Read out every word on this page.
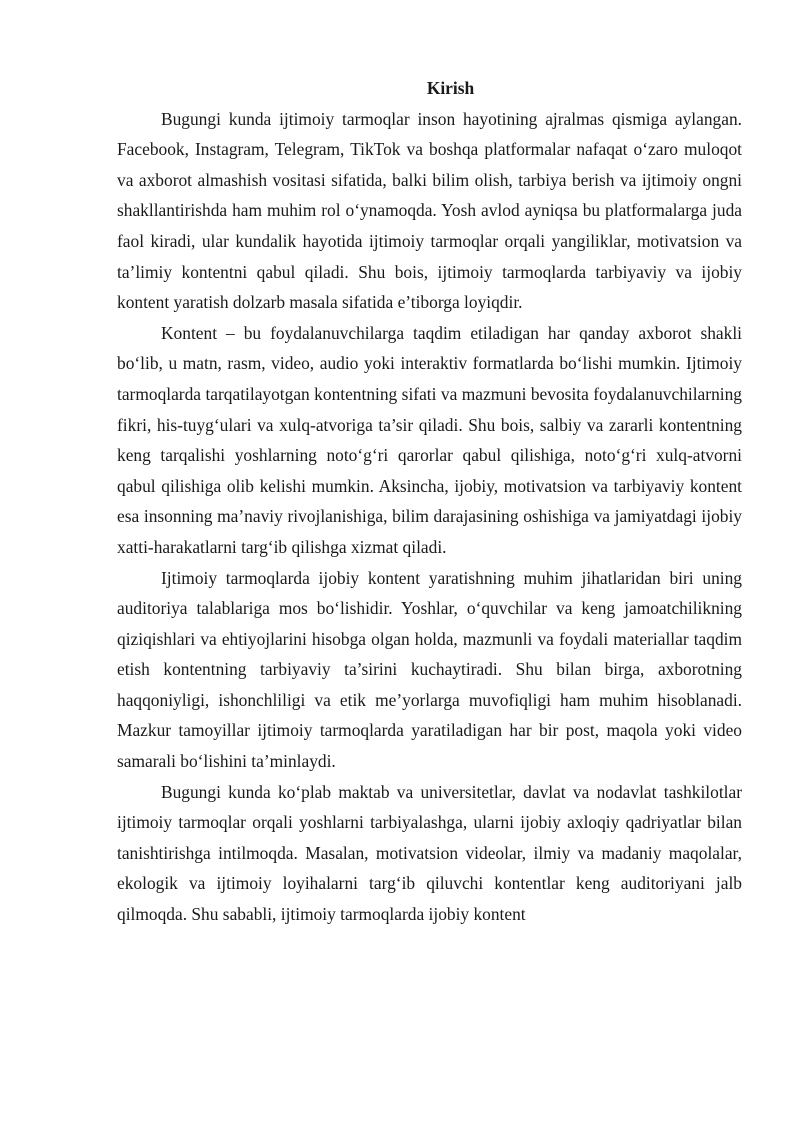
Kirish

Bugungi kunda ijtimoiy tarmoqlar inson hayotining ajralmas qismiga aylangan. Facebook, Instagram, Telegram, TikTok va boshqa platformalar nafaqat o‘zaro muloqot va axborot almashish vositasi sifatida, balki bilim olish, tarbiya berish va ijtimoiy ongni shakllantirishda ham muhim rol o‘ynamoqda. Yosh avlod ayniqsa bu platformalarga juda faol kiradi, ular kundalik hayotida ijtimoiy tarmoqlar orqali yangiliklar, motivatsion va ta’limiy kontentni qabul qiladi. Shu bois, ijtimoiy tarmoqlarda tarbiyaviy va ijobiy kontent yaratish dolzarb masala sifatida e’tiborga loyiqdir.

Kontent – bu foydalanuvchilarga taqdim etiladigan har qanday axborot shakli bo‘lib, u matn, rasm, video, audio yoki interaktiv formatlarda bo‘lishi mumkin. Ijtimoiy tarmoqlarda tarqatilayotgan kontentning sifati va mazmuni bevosita foydalanuvchilarning fikri, his-tuyg‘ulari va xulq-atvoriga ta’sir qiladi. Shu bois, salbiy va zararli kontentning keng tarqalishi yoshlarning noto‘g‘ri qarorlar qabul qilishiga, noto‘g‘ri xulq-atvorni qabul qilishiga olib kelishi mumkin. Aksincha, ijobiy, motivatsion va tarbiyaviy kontent esa insonning ma’naviy rivojlanishiga, bilim darajasining oshishiga va jamiyatdagi ijobiy xatti-harakatlarni targ‘ib qilishga xizmat qiladi.

Ijtimoiy tarmoqlarda ijobiy kontent yaratishning muhim jihatlaridan biri uning auditoriya talablariga mos bo‘lishidir. Yoshlar, o‘quvchilar va keng jamoatchilikning qiziqishlari va ehtiyojlarini hisobga olgan holda, mazmunli va foydali materiallar taqdim etish kontentning tarbiyaviy ta’sirini kuchaytiradi. Shu bilan birga, axborotning haqqoniyligi, ishonchliligi va etik me’yorlarga muvofiqligi ham muhim hisoblanadi. Mazkur tamoyillar ijtimoiy tarmoqlarda yaratiladigan har bir post, maqola yoki video samarali bo‘lishini ta’minlaydi.

Bugungi kunda ko‘plab maktab va universitetlar, davlat va nodavlat tashkilotlar ijtimoiy tarmoqlar orqali yoshlarni tarbiyalashga, ularni ijobiy axloqiy qadriyatlar bilan tanishtirishga intilmoqda. Masalan, motivatsion videolar, ilmiy va madaniy maqolalar, ekologik va ijtimoiy loyihalarni targ‘ib qiluvchi kontentlar keng auditoriyani jalb qilmoqda. Shu sababli, ijtimoiy tarmoqlarda ijobiy kontent
